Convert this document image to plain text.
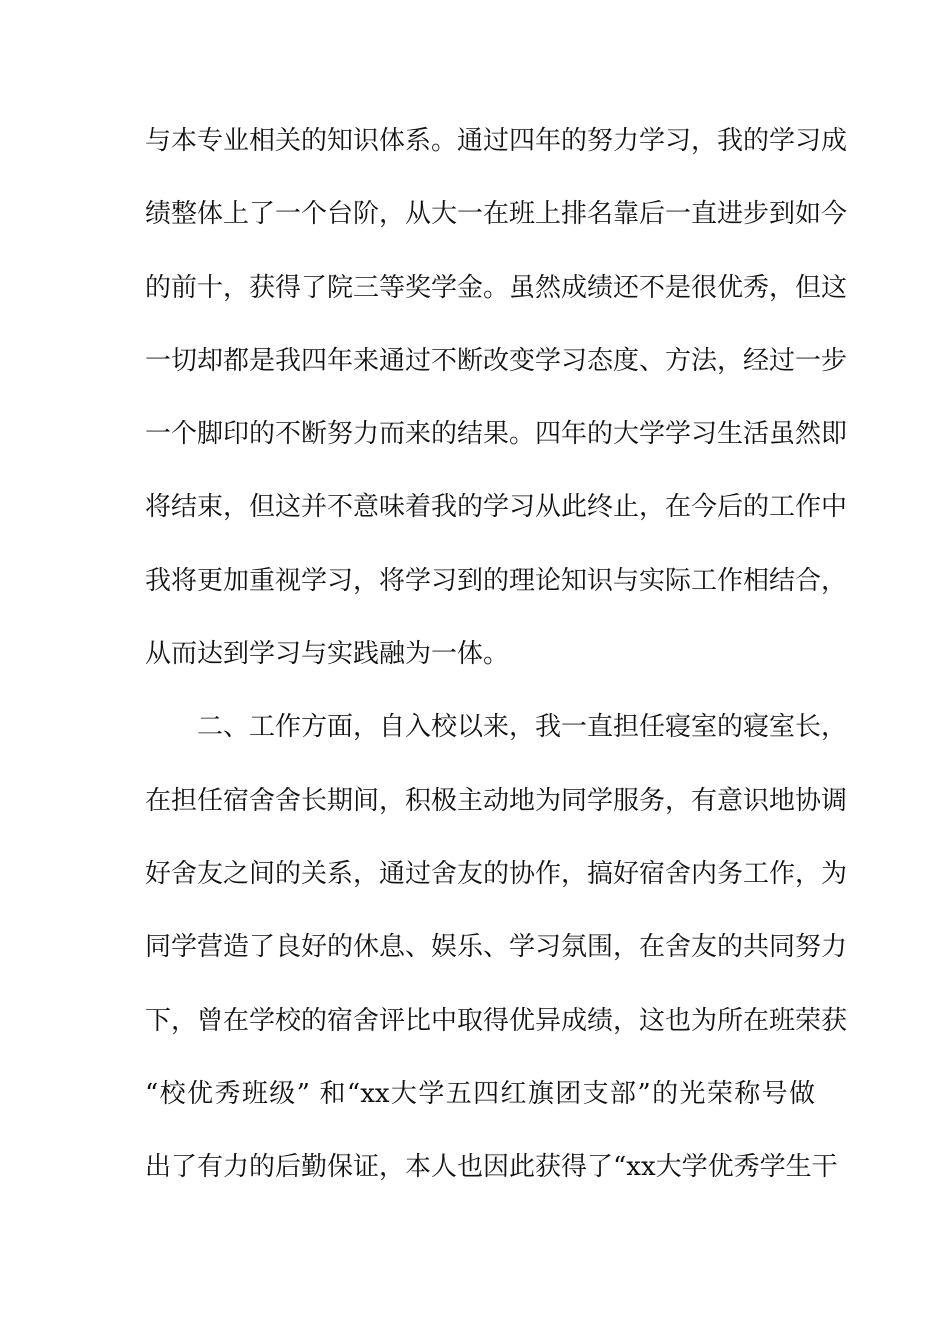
与本专业相关的知识体系。通过四年的努力学习，我的学习成
绩整体上了一个台阶，从大一在班上排名靠后一直进步到如今
的前十，获得了院三等奖学金。虽然成绩还不是很优秀，但这
一切却都是我四年来通过不断改变学习态度、方法，经过一步
一个脚印的不断努力而来的结果。四年的大学学习生活虽然即
将结束，但这并不意味着我的学习从此终止，在今后的工作中
我将更加重视学习，将学习到的理论知识与实际工作相结合，
从而达到学习与实践融为一体。
二、工作方面，自入校以来，我一直担任寝室的寝室长，
在担任宿舍舍长期间，积极主动地为同学服务，有意识地协调
好舍友之间的关系，通过舍友的协作，搞好宿舍内务工作，为
同学营造了良好的休息、娱乐、学习氛围，在舍友的共同努力
下，曾在学校的宿舍评比中取得优异成绩，这也为所在班荣获
“校优秀班级” 和“xx大学五四红旗团支部”的光荣称号做
出了有力的后勤保证，本人也因此获得了“xx大学优秀学生干
